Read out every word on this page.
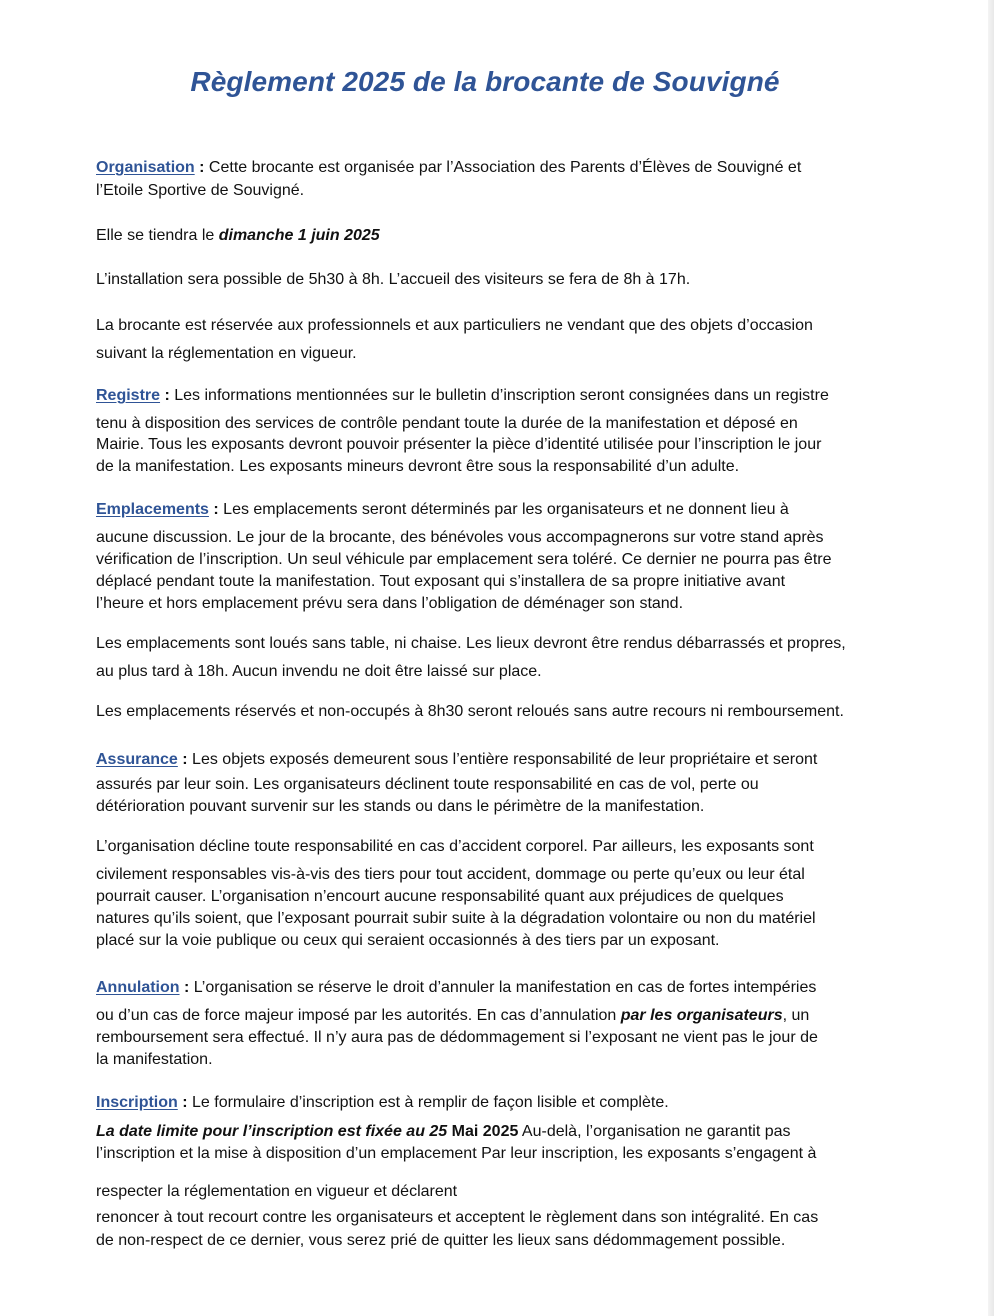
Règlement 2025 de la brocante de Souvigné
Organisation : Cette brocante est organisée par l’Association des Parents d’Élèves de Souvigné et
l’Etoile Sportive de Souvigné.
Elle se tiendra le dimanche 1 juin 2025
L’installation sera possible de 5h30 à 8h. L’accueil des visiteurs se fera de 8h à 17h.
La brocante est réservée aux professionnels et aux particuliers ne vendant que des objets d’occasion
suivant la réglementation en vigueur.
Registre : Les informations mentionnées sur le bulletin d’inscription seront consignées dans un registre
tenu à disposition des services de contrôle pendant toute la durée de la manifestation et déposé en
Mairie. Tous les exposants devront pouvoir présenter la pièce d’identité utilisée pour l’inscription le jour
de la manifestation. Les exposants mineurs devront être sous la responsabilité d’un adulte.
Emplacements : Les emplacements seront déterminés par les organisateurs et ne donnent lieu à
aucune discussion. Le jour de la brocante, des bénévoles vous accompagnerons sur votre stand après
vérification de l’inscription. Un seul véhicule par emplacement sera toléré. Ce dernier ne pourra pas être
déplacé pendant toute la manifestation. Tout exposant qui s’installera de sa propre initiative avant
l’heure et hors emplacement prévu sera dans l’obligation de déménager son stand.
Les emplacements sont loués sans table, ni chaise. Les lieux devront être rendus débarrassés et propres,
au plus tard à 18h. Aucun invendu ne doit être laissé sur place.
Les emplacements réservés et non-occupés à 8h30 seront reloués sans autre recours ni remboursement.
Assurance : Les objets exposés demeurent sous l’entière responsabilité de leur propriétaire et seront
assurés par leur soin. Les organisateurs déclinent toute responsabilité en cas de vol, perte ou
détérioration pouvant survenir sur les stands ou dans le périmètre de la manifestation.
L’organisation décline toute responsabilité en cas d’accident corporel. Par ailleurs, les exposants sont
civilement responsables vis-à-vis des tiers pour tout accident, dommage ou perte qu’eux ou leur étal
pourrait causer. L’organisation n’encourt aucune responsabilité quant aux préjudices de quelques
natures qu’ils soient, que l’exposant pourrait subir suite à la dégradation volontaire ou non du matériel
placé sur la voie publique ou ceux qui seraient occasionnés à des tiers par un exposant.
Annulation : L’organisation se réserve le droit d’annuler la manifestation en cas de fortes intempéries
ou d’un cas de force majeur imposé par les autorités. En cas d’annulation par les organisateurs, un
remboursement sera effectué. Il n’y aura pas de dédommagement si l’exposant ne vient pas le jour de
la manifestation.
Inscription : Le formulaire d’inscription est à remplir de façon lisible et complète.
La date limite pour l’inscription est fixée au 25 Mai 2025 Au-delà, l’organisation ne garantit pas
l’inscription et la mise à disposition d’un emplacement Par leur inscription, les exposants s’engagent à
respecter la réglementation en vigueur et déclarent
renoncer à tout recourt contre les organisateurs et acceptent le règlement dans son intégralité. En cas
de non-respect de ce dernier, vous serez prié de quitter les lieux sans dédommagement possible.
